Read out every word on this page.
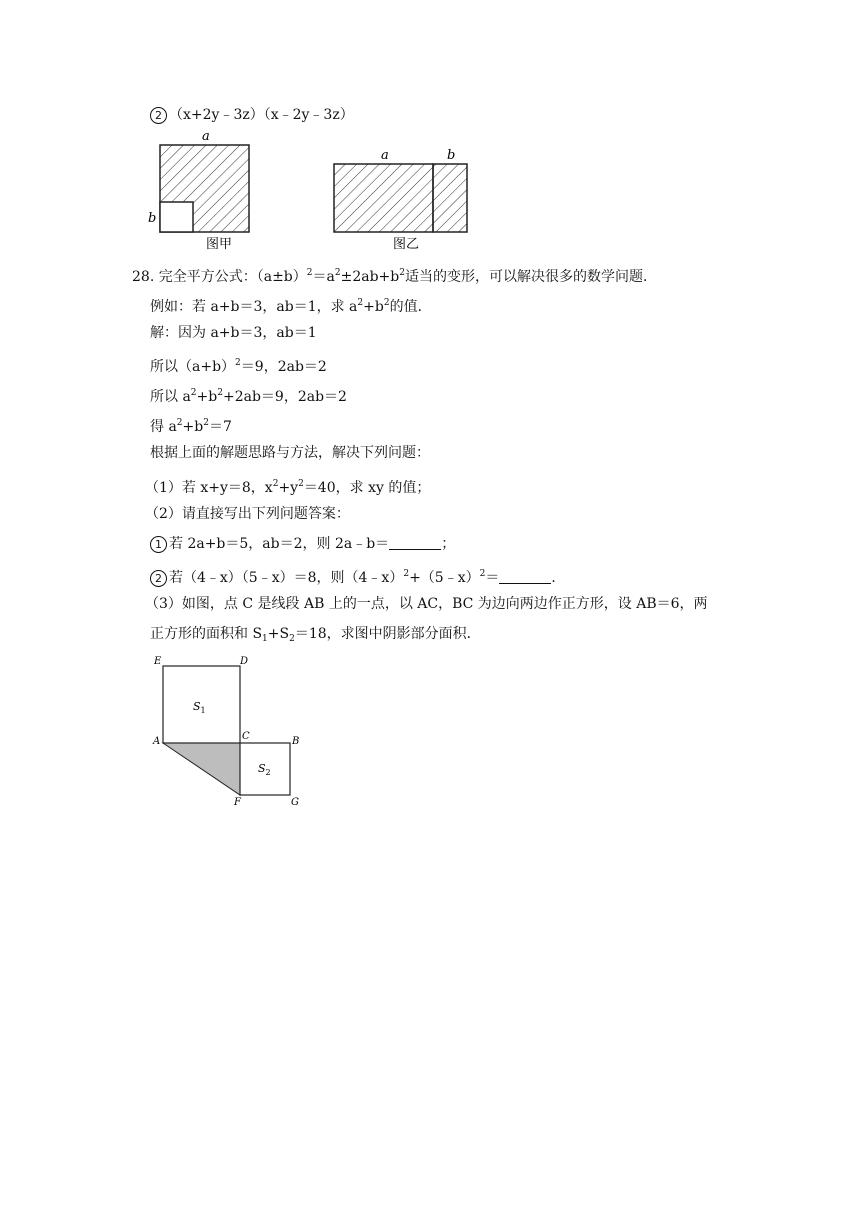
2 （x+2y﹣3z）（x﹣2y﹣3z）
a
b
图甲
a	b
图乙
28. 完全平方公式：$(a\pm b)^2=a^2\pm 2ab+b^2$适当的变形，可以解决很多的数学问题．
例如：若 a+b＝3，ab＝1，求 $a^2+b^2$的值．
解：因为 a+b＝3，ab＝1
所以$(a+b)^2=9$，2ab＝2
所以 $a^2+b^2+2ab=9$，2ab＝2
得 $a^2+b^2=7$
根据上面的解题思路与方法，解决下列问题：
（1）若 x+y＝8，$x^2+y^2=40$，求 xy 的值；
（2）请直接写出下列问题答案：
1 若 2a+b＝5，ab＝2，则 2a﹣b＝	；
2 若（4﹣x）（5﹣x）＝8，则（4﹣x）$^2$+（5﹣x）$^2$＝	．
（3）如图，点 C 是线段 AB 上的一点，以 AC，BC 为边向两边作正方形，设 AB＝6，两
正方形的面积和 $S_1+S_2=18$，求图中阴影部分面积．
E	D
A	C	B
F	G
$S_1$
$S_2$
